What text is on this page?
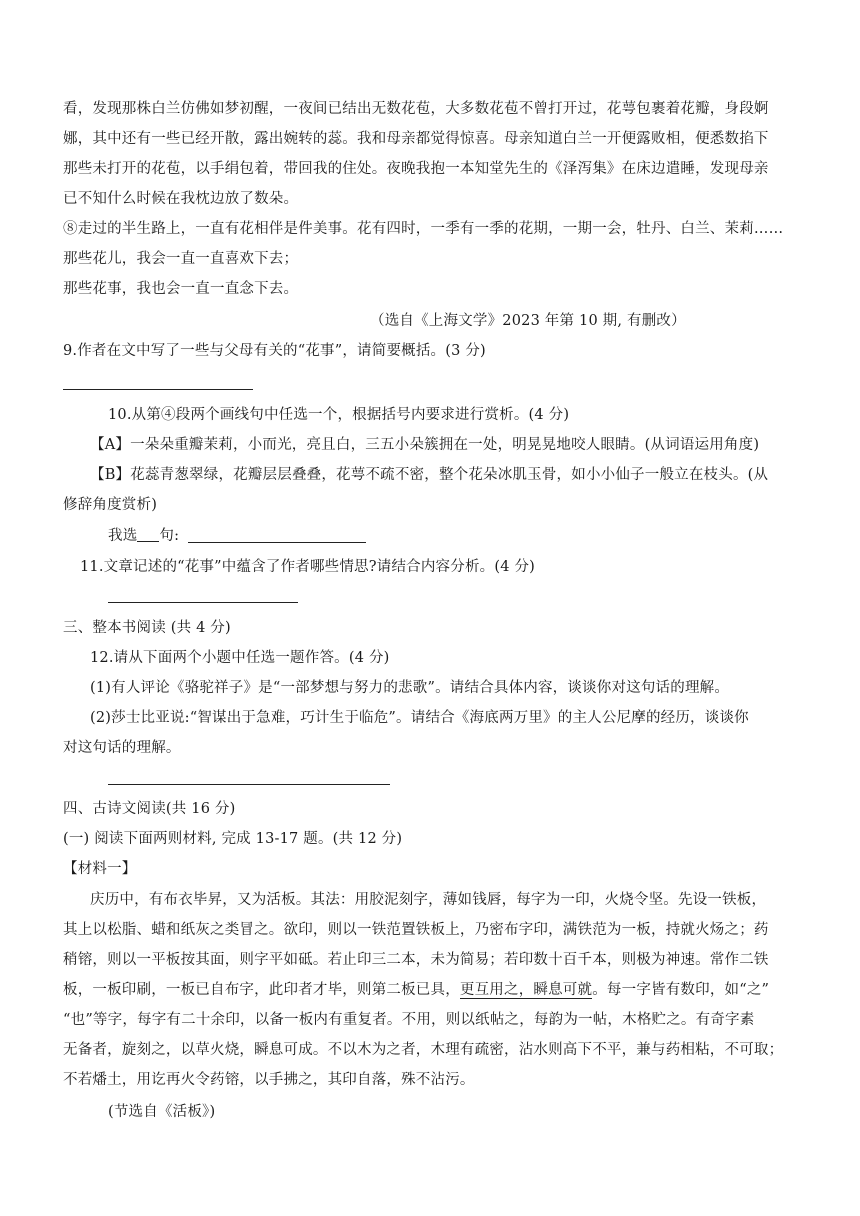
看，发现那株白兰仿佛如梦初醒，一夜间已结出无数花苞，大多数花苞不曾打开过，花萼包裹着花瓣，身段婀
娜，其中还有一些已经开散，露出婉转的蕊。我和母亲都觉得惊喜。母亲知道白兰一开便露败相，便悉数掐下
那些未打开的花苞，以手绢包着，带回我的住处。夜晚我抱一本知堂先生的《泽泻集》在床边遣睡，发现母亲
已不知什么时候在我枕边放了数朵。
⑧走过的半生路上，一直有花相伴是件美事。花有四时，一季有一季的花期，一期一会，牡丹、白兰、茉莉……
那些花儿，我会一直一直喜欢下去；
那些花事，我也会一直一直念下去。
（选自《上海文学》2023 年第 10 期, 有删改）
9.作者在文中写了一些与父母有关的“花事”，请简要概括。(3 分)
10.从第④段两个画线句中任选一个，根据括号内要求进行赏析。(4 分)
【A】一朵朵重瓣茉莉，小而光，亮且白，三五小朵簇拥在一处，明晃晃地咬人眼睛。(从词语运用角度)
【B】花蕊青葱翠绿，花瓣层层叠叠，花萼不疏不密，整个花朵冰肌玉骨，如小小仙子一般立在枝头。(从
修辞角度赏析)
我选 句:
11.文章记述的“花事”中蕴含了作者哪些情思?请结合内容分析。(4 分)
三、整本书阅读 (共 4 分)
12.请从下面两个小题中任选一题作答。(4 分)
(1)有人评论《骆驼祥子》是“一部梦想与努力的悲歌”。请结合具体内容，谈谈你对这句话的理解。
(2)莎士比亚说:“智谋出于急难，巧计生于临危”。请结合《海底两万里》的主人公尼摩的经历，谈谈你
对这句话的理解。
四、古诗文阅读(共 16 分)
(一) 阅读下面两则材料, 完成 13-17 题。(共 12 分)
【材料一】
庆历中，有布衣毕昇，又为活板。其法：用胶泥刻字，薄如钱唇，每字为一印，火烧令坚。先设一铁板，
其上以松脂、蜡和纸灰之类冒之。欲印，则以一铁范置铁板上，乃密布字印，满铁范为一板，持就火炀之；药
稍镕，则以一平板按其面，则字平如砥。若止印三二本，未为简易；若印数十百千本，则极为神速。常作二铁
板，一板印刷，一板已自布字，此印者才毕，则第二板已具，更互用之，瞬息可就。每一字皆有数印，如“之”
“也”等字，每字有二十余印，以备一板内有重复者。不用，则以纸帖之，每韵为一帖，木格贮之。有奇字素
无备者，旋刻之，以草火烧，瞬息可成。不以木为之者，木理有疏密，沾水则高下不平，兼与药相粘，不可取；
不若燔土，用讫再火令药镕，以手拂之，其印自落，殊不沾污。
(节选自《活板》)
